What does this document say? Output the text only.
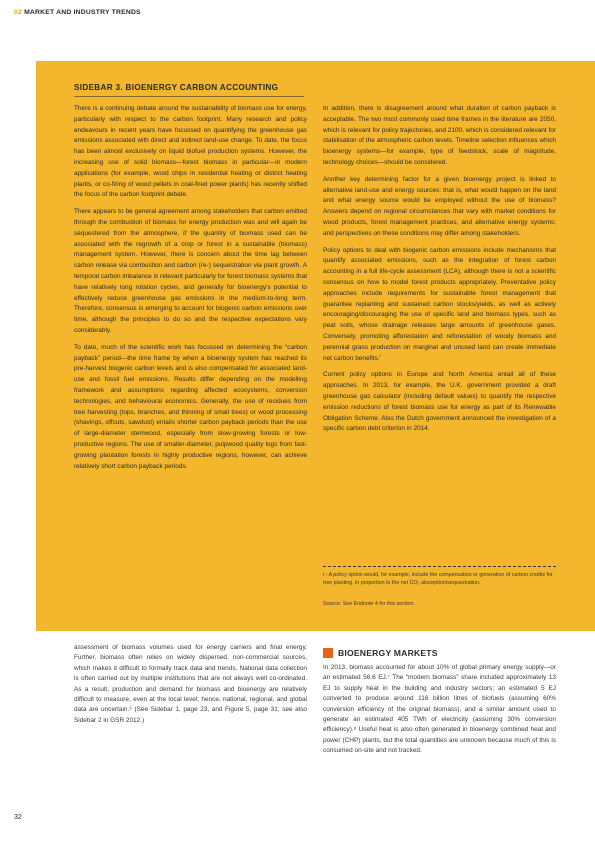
02 MARKET AND INDUSTRY TRENDS
SIDEBAR 3. BIOENERGY CARBON ACCOUNTING

There is a continuing debate around the sustainability of biomass use for energy, particularly with respect to the carbon footprint. Many research and policy endeavours in recent years have focussed on quantifying the greenhouse gas emissions associated with direct and indirect land-use change. To date, the focus has been almost exclusively on liquid biofuel production systems. However, the increasing use of solid biomass—forest biomass in particular—in modern applications (for example, wood chips in residential heating or district heating plants, or co-firing of wood pellets in coal-fired power plants) has recently shifted the focus of the carbon footprint debate.

There appears to be general agreement among stakeholders that carbon emitted through the combustion of biomass for energy production was and will again be sequestered from the atmosphere, if the quantity of biomass used can be associated with the regrowth of a crop or forest in a sustainable (biomass) management system. However, there is concern about the time lag between carbon release via combustion and carbon (re-) sequestration via plant growth. A temporal carbon imbalance is relevant particularly for forest biomass systems that have relatively long rotation cycles, and generally for bioenergy’s potential to effectively reduce greenhouse gas emissions in the medium-to-long term. Therefore, consensus is emerging to account for biogenic carbon emissions over time, although the principles to do so and the respective expectations vary considerably.

To date, much of the scientific work has focussed on determining the “carbon payback” period—the time frame by when a bioenergy system has reached its pre-harvest biogenic carbon levels and is also compensated for associated land-use and fossil fuel emissions. Results differ depending on the modelling framework and assumptions regarding affected ecosystems, conversion technologies, and behavioural economics. Generally, the use of residues from tree harvesting (tops, branches, and thinning of small trees) or wood processing (shavings, offcuts, sawdust) entails shorter carbon payback periods than the use of large-diameter stemwood, especially from slow-growing forests or low-productive regions. The use of smaller-diameter, pulpwood quality logs from fast-growing plantation forests in highly productive regions, however, can achieve relatively short carbon payback periods.

In addition, there is disagreement around what duration of carbon payback is acceptable. The two most commonly used time frames in the literature are 2050, which is relevant for policy trajectories, and 2100, which is considered relevant for stabilisation of the atmospheric carbon levels. Timeline selection influences which bioenergy systems—for example, type of feedstock, scale of magnitude, technology choices—should be considered.

Another key determining factor for a given bioenergy project is linked to alternative land-use and energy sources: that is, what would happen on the land and what energy source would be employed without the use of biomass? Answers depend on regional circumstances that vary with market conditions for wood products, forest management practices, and alternative energy systems; and perspectives on these conditions may differ among stakeholders.

Policy options to deal with biogenic carbon emissions include mechanisms that quantify associated emissions, such as the integration of forest carbon accounting in a full life-cycle assessment (LCA), although there is not a scientific consensus on how to model forest products appropriately. Preventative policy approaches include requirements for sustainable forest management that guarantee replanting and sustained carbon stocks/yields, as well as actively encouraging/discouraging the use of specific land and biomass types, such as peat soils, whose drainage releases large amounts of greenhouse gases. Conversely, promoting afforestation and reforestation of woody biomass and perennial grass production on marginal and unused land can create immediate net carbon benefits.$^i$

Current policy options in Europe and North America entail all of these approaches. In 2013, for example, the U.K. government provided a draft greenhouse gas calculator (including default values) to quantify the respective emission reductions of forest biomass use for energy as part of its Renewable Obligation Scheme. Also the Dutch government announced the investigation of a specific carbon debt criterion in 2014.

i - A policy option would, for example, include the compensation or generation of carbon credits for tree planting, in proportion to the net CO₂ absorption/sequestration.
Source: See Endnote 4 for this section.
assessment of biomass volumes used for energy carriers and final energy. Further, biomass often relies on widely dispersed, non-commercial sources, which makes it difficult to formally track data and trends. National data collection is often carried out by multiple institutions that are not always well co-ordinated. As a result, production and demand for biomass and bioenergy are relatively difficult to measure, even at the local level; hence, national, regional, and global data are uncertain.⁶ (See Sidebar 1, page 23, and Figure 5, page 31; see also Sidebar 2 in GSR 2012.)
BIOENERGY MARKETS
In 2013, biomass accounted for about 10% of global primary energy supply—or an estimated 56.6 EJ.⁷ The “modern biomass” share included approximately 13 EJ to supply heat in the building and industry sectors; an estimated 5 EJ converted to produce around 116 billion litres of biofuels (assuming 60% conversion efficiency of the original biomass), and a similar amount used to generate an estimated 405 TWh of electricity (assuming 30% conversion efficiency).⁸ Useful heat is also often generated in bioenergy combined heat and power (CHP) plants, but the total quantities are unknown because much of this is consumed on-site and not tracked.
32
